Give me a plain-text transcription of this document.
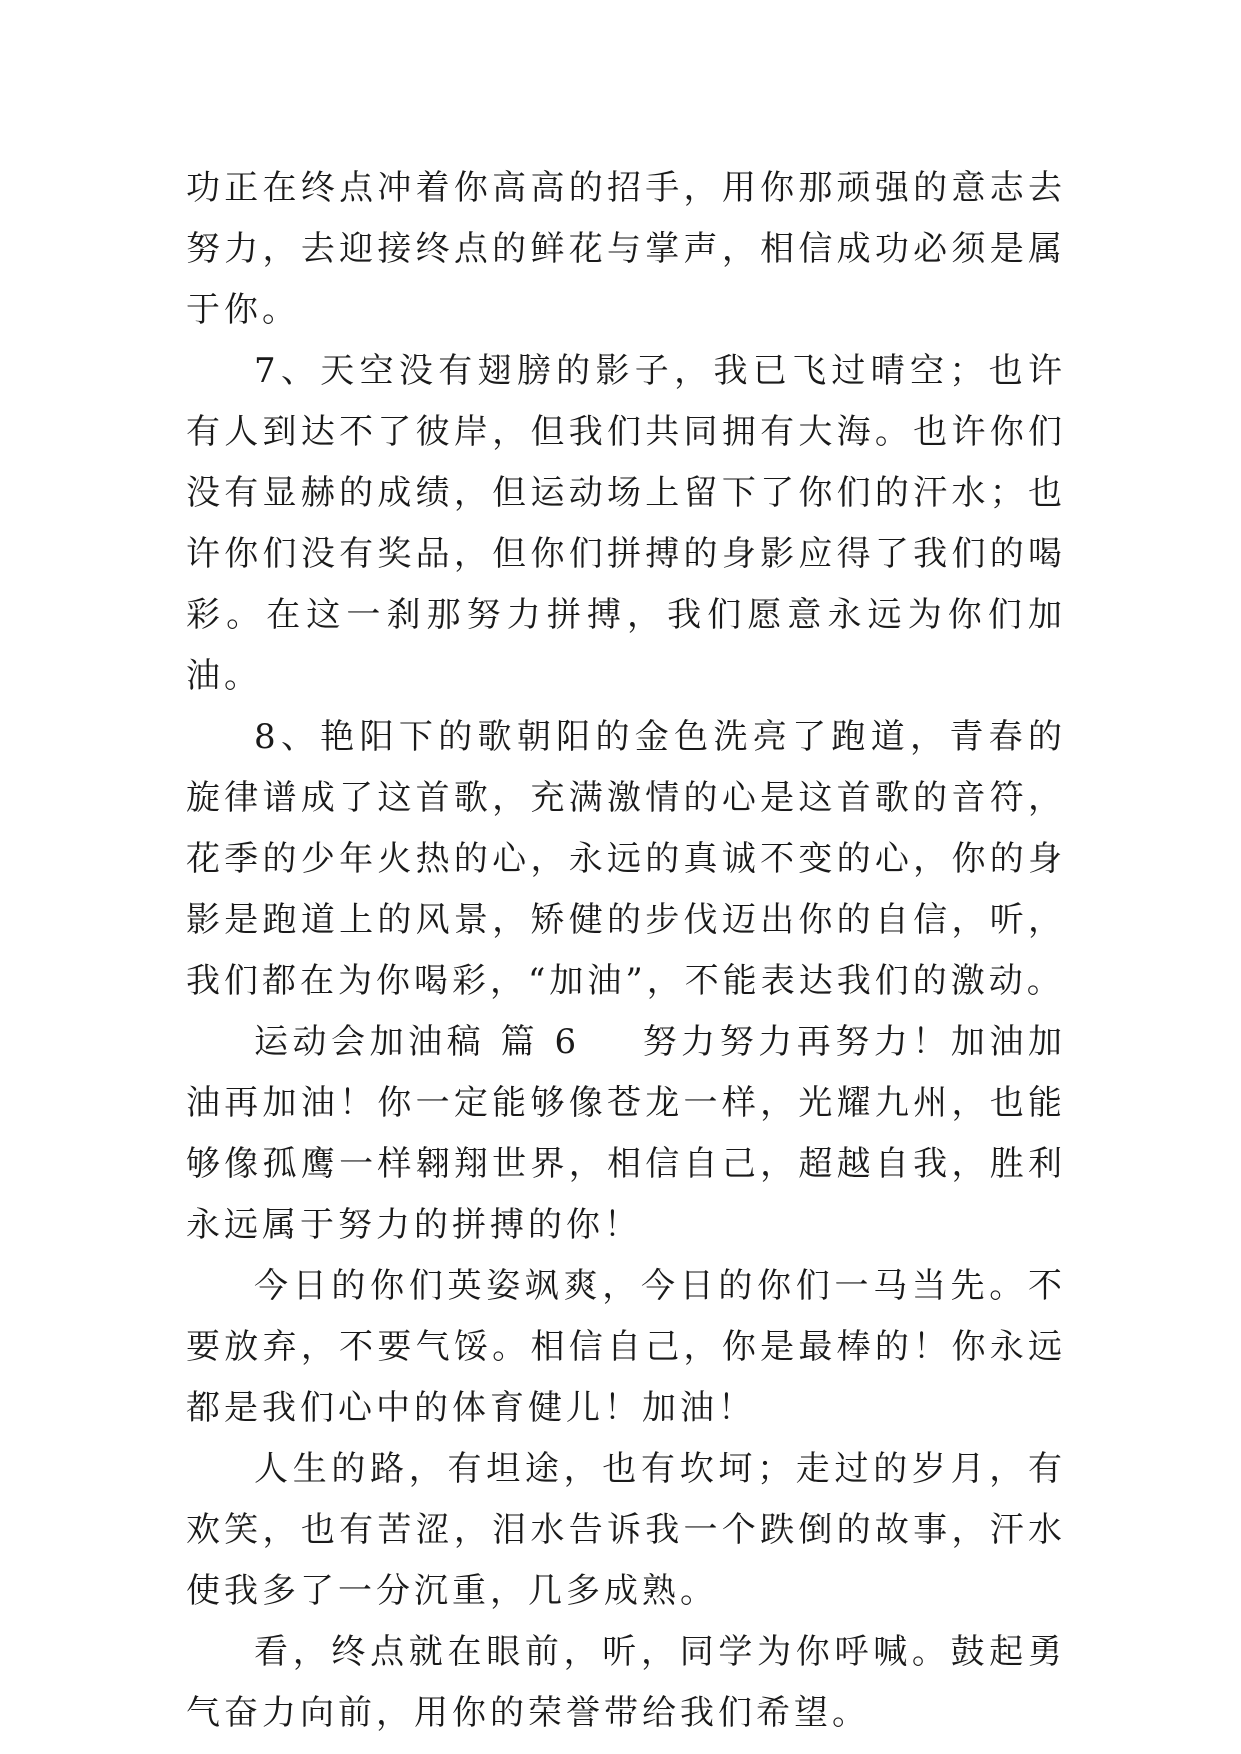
功正在终点冲着你高高的招手，用你那顽强的意志去努力，去迎接终点的鲜花与掌声，相信成功必须是属于你。

7、天空没有翅膀的影子，我已飞过晴空；也许有人到达不了彼岸，但我们共同拥有大海。也许你们没有显赫的成绩，但运动场上留下了你们的汗水；也许你们没有奖品，但你们拼搏的身影应得了我们的喝彩。在这一刹那努力拼搏，我们愿意永远为你们加油。

8、艳阳下的歌朝阳的金色洗亮了跑道，青春的旋律谱成了这首歌，充满激情的心是这首歌的音符，花季的少年火热的心，永远的真诚不变的心，你的身影是跑道上的风景，矫健的步伐迈出你的自信，听，我们都在为你喝彩，“加油”，不能表达我们的激动。

运动会加油稿 篇 6 努力努力再努力！加油加油再加油！你一定能够像苍龙一样，光耀九州，也能够像孤鹰一样翱翔世界，相信自己，超越自我，胜利永远属于努力的拼搏的你！

今日的你们英姿飒爽，今日的你们一马当先。不要放弃，不要气馁。相信自己，你是最棒的！你永远都是我们心中的体育健儿！加油！

人生的路，有坦途，也有坎坷；走过的岁月，有欢笑，也有苦涩，泪水告诉我一个跌倒的故事，汗水使我多了一分沉重，几多成熟。

看，终点就在眼前，听，同学为你呼喊。鼓起勇气奋力向前，用你的荣誉带给我们希望。
